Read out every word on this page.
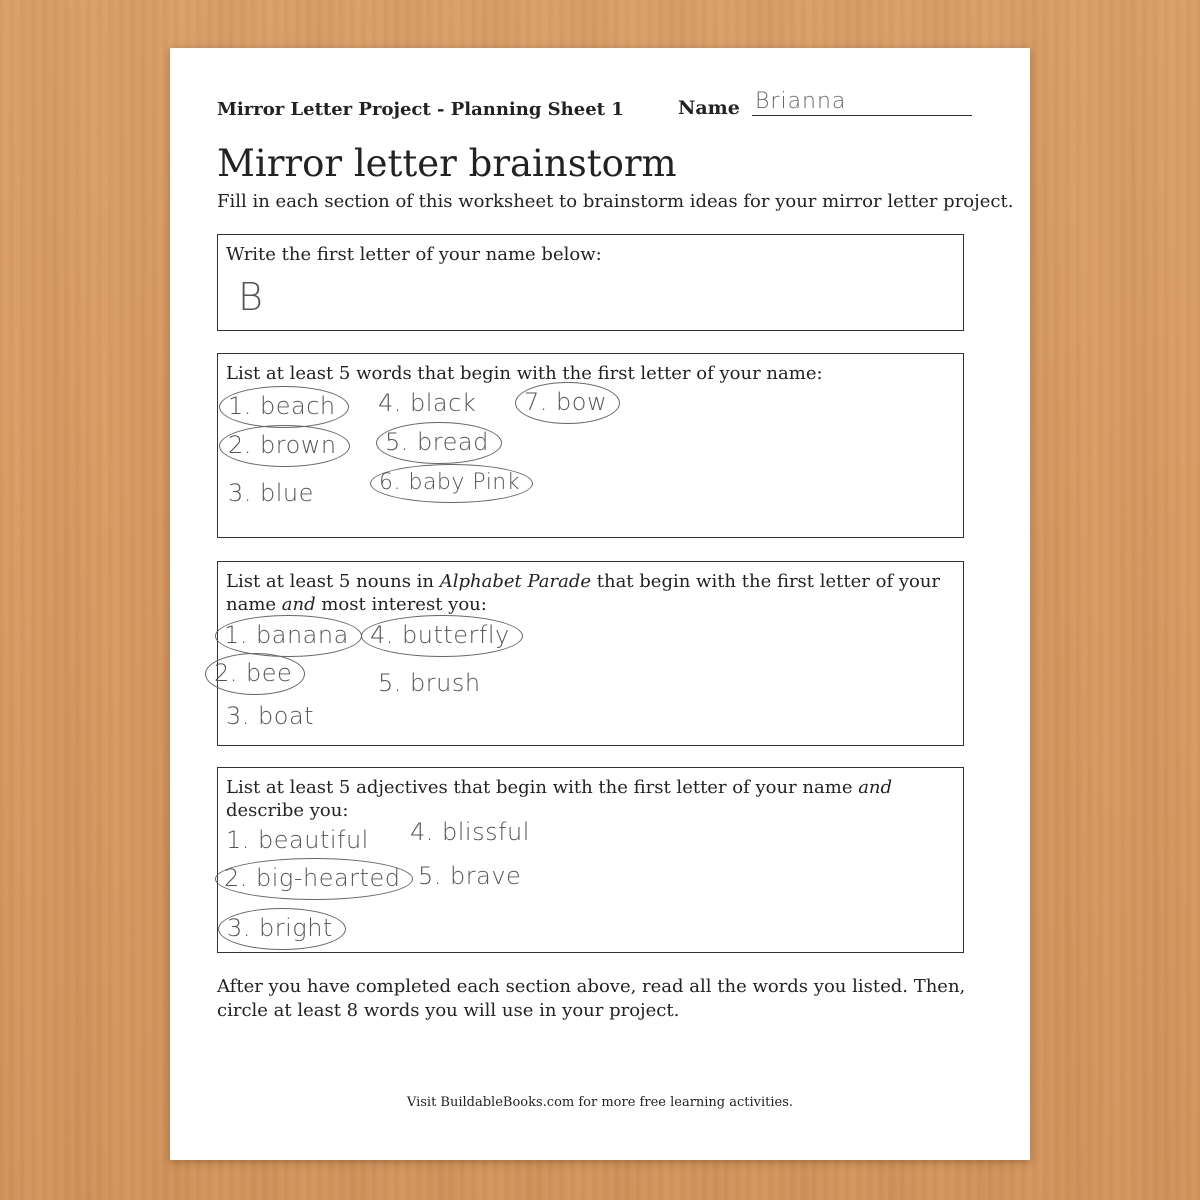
Mirror Letter Project - Planning Sheet 1	Name Brianna
Mirror letter brainstorm
Fill in each section of this worksheet to brainstorm ideas for your mirror letter project.
Write the first letter of your name below:
B
List at least 5 words that begin with the first letter of your name:
1. beach
2. brown
3. blue
4. black
5. bread
6. baby Pink
7. bow
List at least 5 nouns in Alphabet Parade that begin with the first letter of your name and most interest you:
1. banana
2. bee
3. boat
4. butterfly
5. brush
List at least 5 adjectives that begin with the first letter of your name and describe you:
1. beautiful
2. big-hearted
3. bright
4. blissful
5. brave
After you have completed each section above, read all the words you listed. Then, circle at least 8 words you will use in your project.
Visit BuildableBooks.com for more free learning activities.
